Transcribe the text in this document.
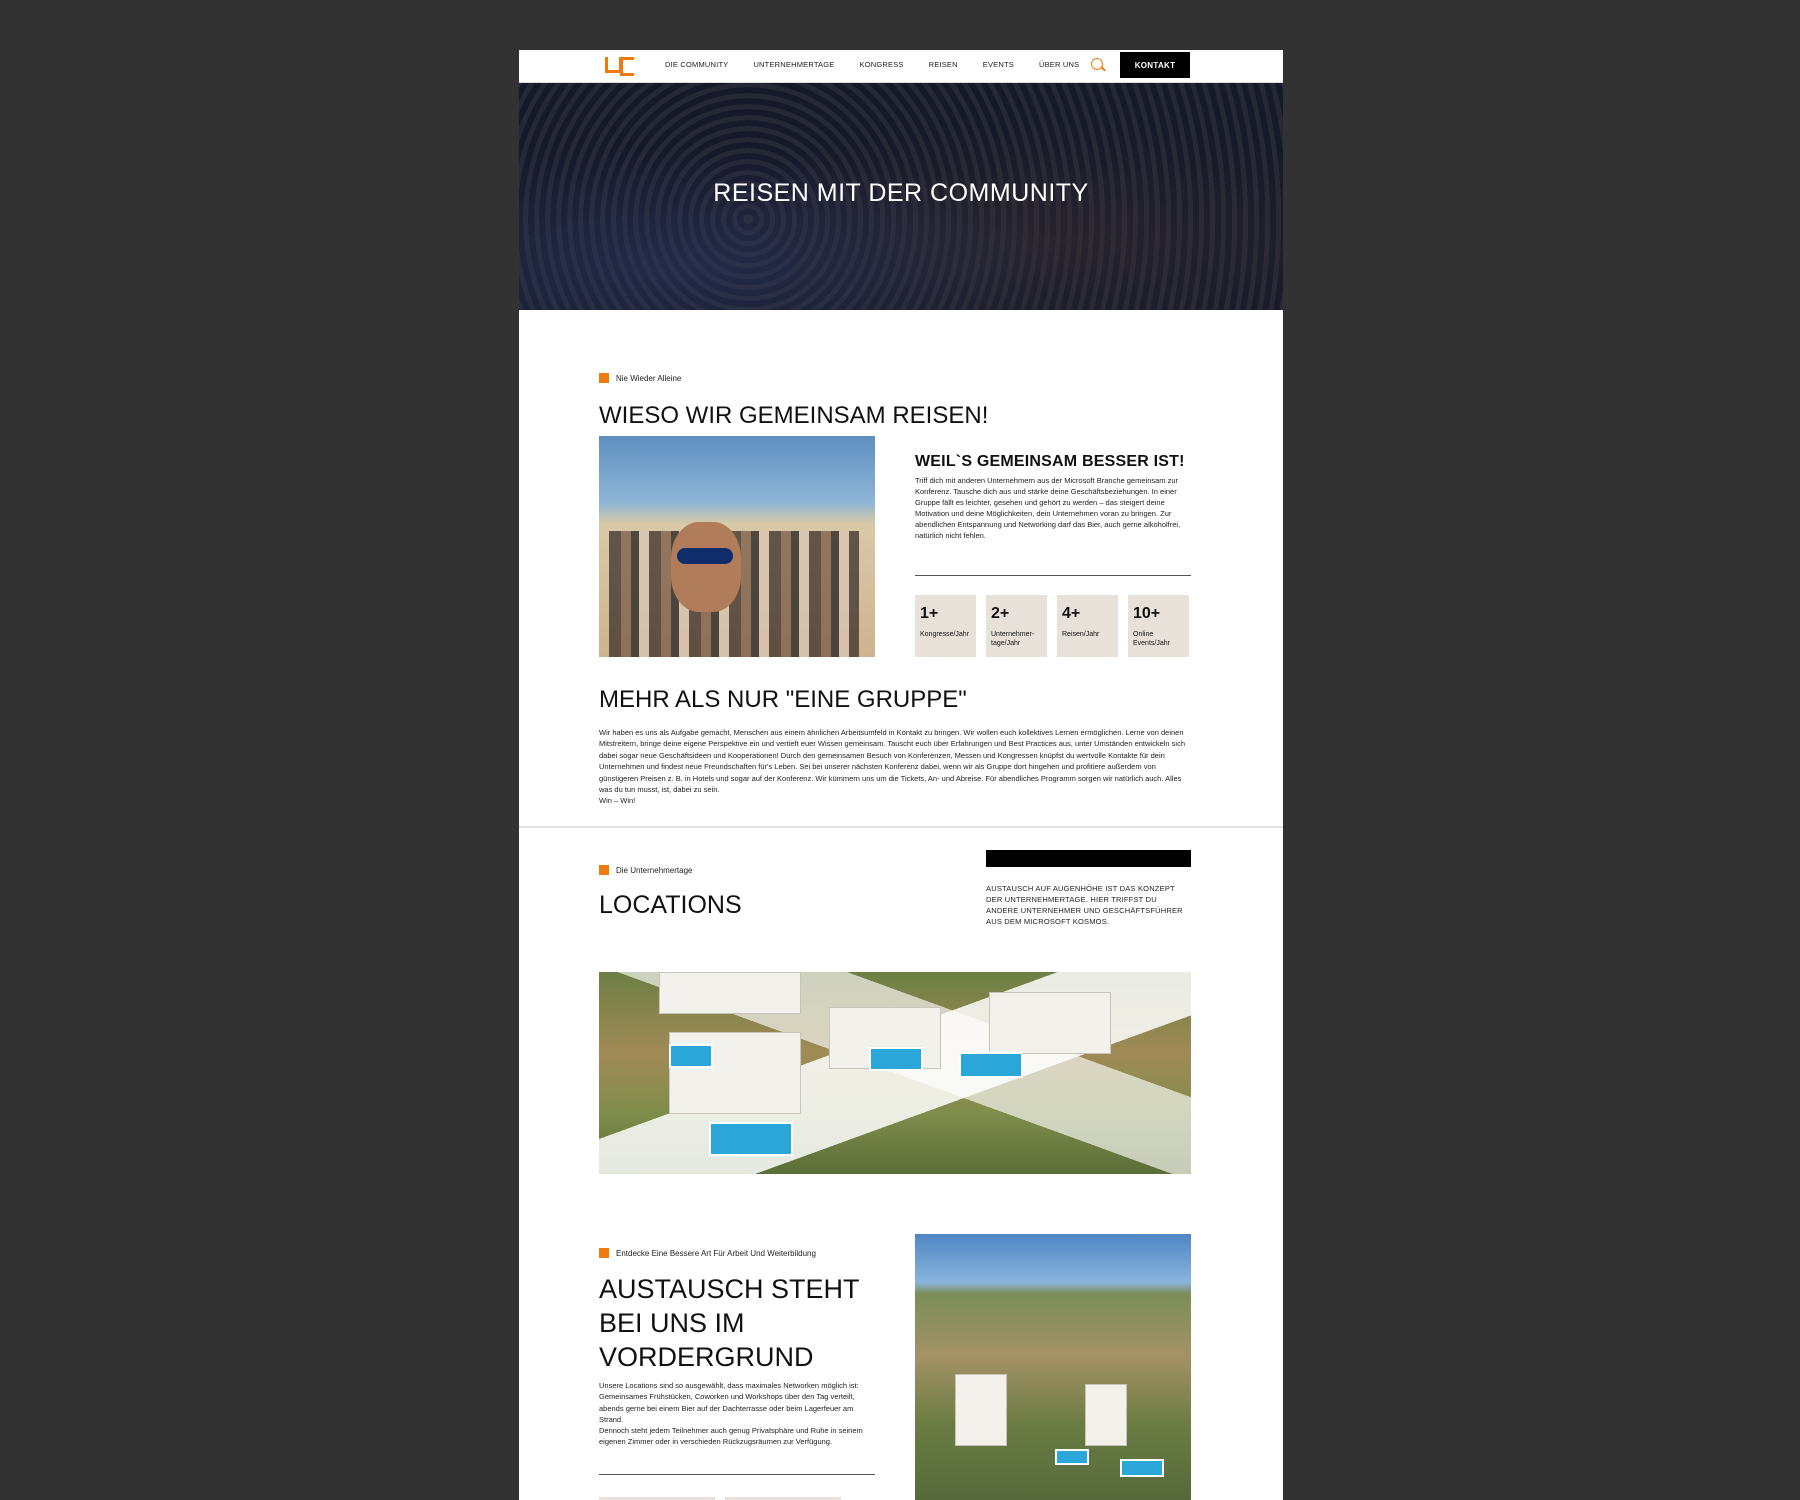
DIE COMMUNITY	UNTERNEHMERTAGE	KONGRESS	REISEN	EVENTS	ÜBER UNS	KONTAKT
REISEN MIT DER COMMUNITY
Nie Wieder Alleine
WIESO WIR GEMEINSAM REISEN!
WEIL`S GEMEINSAM BESSER IST!

Triff dich mit anderen Unternehmern aus der Microsoft Branche gemeinsam zur Konferenz. Tausche dich aus und stärke deine Geschäftsbeziehungen. In einer Gruppe fällt es leichter, gesehen und gehört zu werden – das steigert deine Motivation und deine Möglichkeiten, dein Unternehmen voran zu bringen. Zur abendlichen Entspannung und Networking darf das Bier, auch gerne alkoholfrei, natürlich nicht fehlen.

1+
Kongresse/Jahr
2+
Unternehmer-tage/Jahr
4+
Reisen/Jahr
10+
Online Events/Jahr
MEHR ALS NUR "EINE GRUPPE"

Wir haben es uns als Aufgabe gemacht, Menschen aus einem ähnlichen Arbeitsumfeld in Kontakt zu bringen. Wir wollen euch kollektives Lernen ermöglichen. Lerne von deinen Mitstreitern, bringe deine eigene Perspektive ein und vertieft euer Wissen gemeinsam. Tauscht euch über Erfahrungen und Best Practices aus, unter Umständen entwickeln sich dabei sogar neue Geschäftsideen und Kooperationen! Durch den gemeinsamen Besuch von Konferenzen, Messen und Kongressen knüpfst du wertvolle Kontakte für dein Unternehmen und findest neue Freundschaften für's Leben. Sei bei unserer nächsten Konferenz dabei, wenn wir als Gruppe dort hingehen und profitiere außerdem von günstigeren Preisen z. B. in Hotels und sogar auf der Konferenz. Wir kümmern uns um die Tickets, An- und Abreise. Für abendliches Programm sorgen wir natürlich auch. Alles was du tun musst, ist, dabei zu sein.
Win – Win!

Die Unternehmertage
LOCATIONS

AUSTAUSCH AUF AUGENHÖHE IST DAS KONZEPT DER UNTERNEHMERTAGE. HIER TRIFFST DU ANDERE UNTERNEHMER UND GESCHÄFTSFÜHRER AUS DEM MICROSOFT KOSMOS.

Entdecke Eine Bessere Art Für Arbeit Und Weiterbildung
AUSTAUSCH STEHT BEI UNS IM VORDERGRUND

Unsere Locations sind so ausgewählt, dass maximales Networken möglich ist: Gemeinsames Frühstücken, Coworken und Workshops über den Tag verteilt, abends gerne bei einem Bier auf der Dachterrasse oder beim Lagerfeuer am Strand.
Dennoch steht jedem Teilnehmer auch genug Privatsphäre und Ruhe in seinem eigenen Zimmer oder in verschieden Rückzugsräumen zur Verfügung.
